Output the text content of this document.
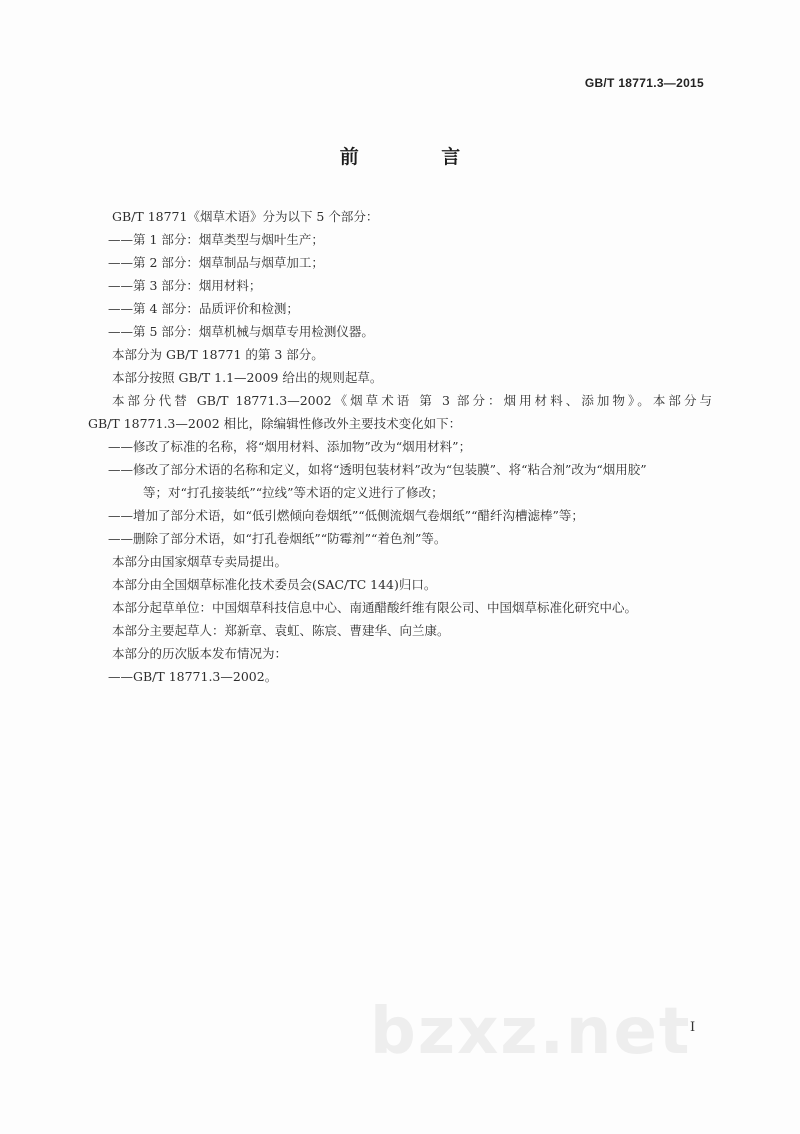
GB/T 18771.3—2015
前 言
GB/T 18771《烟草术语》分为以下 5 个部分：
——第 1 部分：烟草类型与烟叶生产；
——第 2 部分：烟草制品与烟草加工；
——第 3 部分：烟用材料；
——第 4 部分：品质评价和检测；
——第 5 部分：烟草机械与烟草专用检测仪器。
本部分为 GB/T 18771 的第 3 部分。
本部分按照 GB/T 1.1—2009 给出的规则起草。
本部分代替 GB/T 18771.3—2002《烟草术语 第 3 部分：烟用材料、添加物》。本部分与
GB/T 18771.3—2002 相比，除编辑性修改外主要技术变化如下：
——修改了标准的名称，将“烟用材料、添加物”改为“烟用材料”；
——修改了部分术语的名称和定义，如将“透明包装材料”改为“包装膜”、将“粘合剂”改为“烟用胶”
等；对“打孔接装纸”“拉线”等术语的定义进行了修改；
——增加了部分术语，如“低引燃倾向卷烟纸”“低侧流烟气卷烟纸”“醋纤沟槽滤棒”等；
——删除了部分术语，如“打孔卷烟纸”“防霉剂”“着色剂”等。
本部分由国家烟草专卖局提出。
本部分由全国烟草标准化技术委员会(SAC/TC 144)归口。
本部分起草单位：中国烟草科技信息中心、南通醋酸纤维有限公司、中国烟草标准化研究中心。
本部分主要起草人：郑新章、袁虹、陈宸、曹建华、向兰康。
本部分的历次版本发布情况为：
——GB/T 18771.3—2002。
bzxz.net
I
